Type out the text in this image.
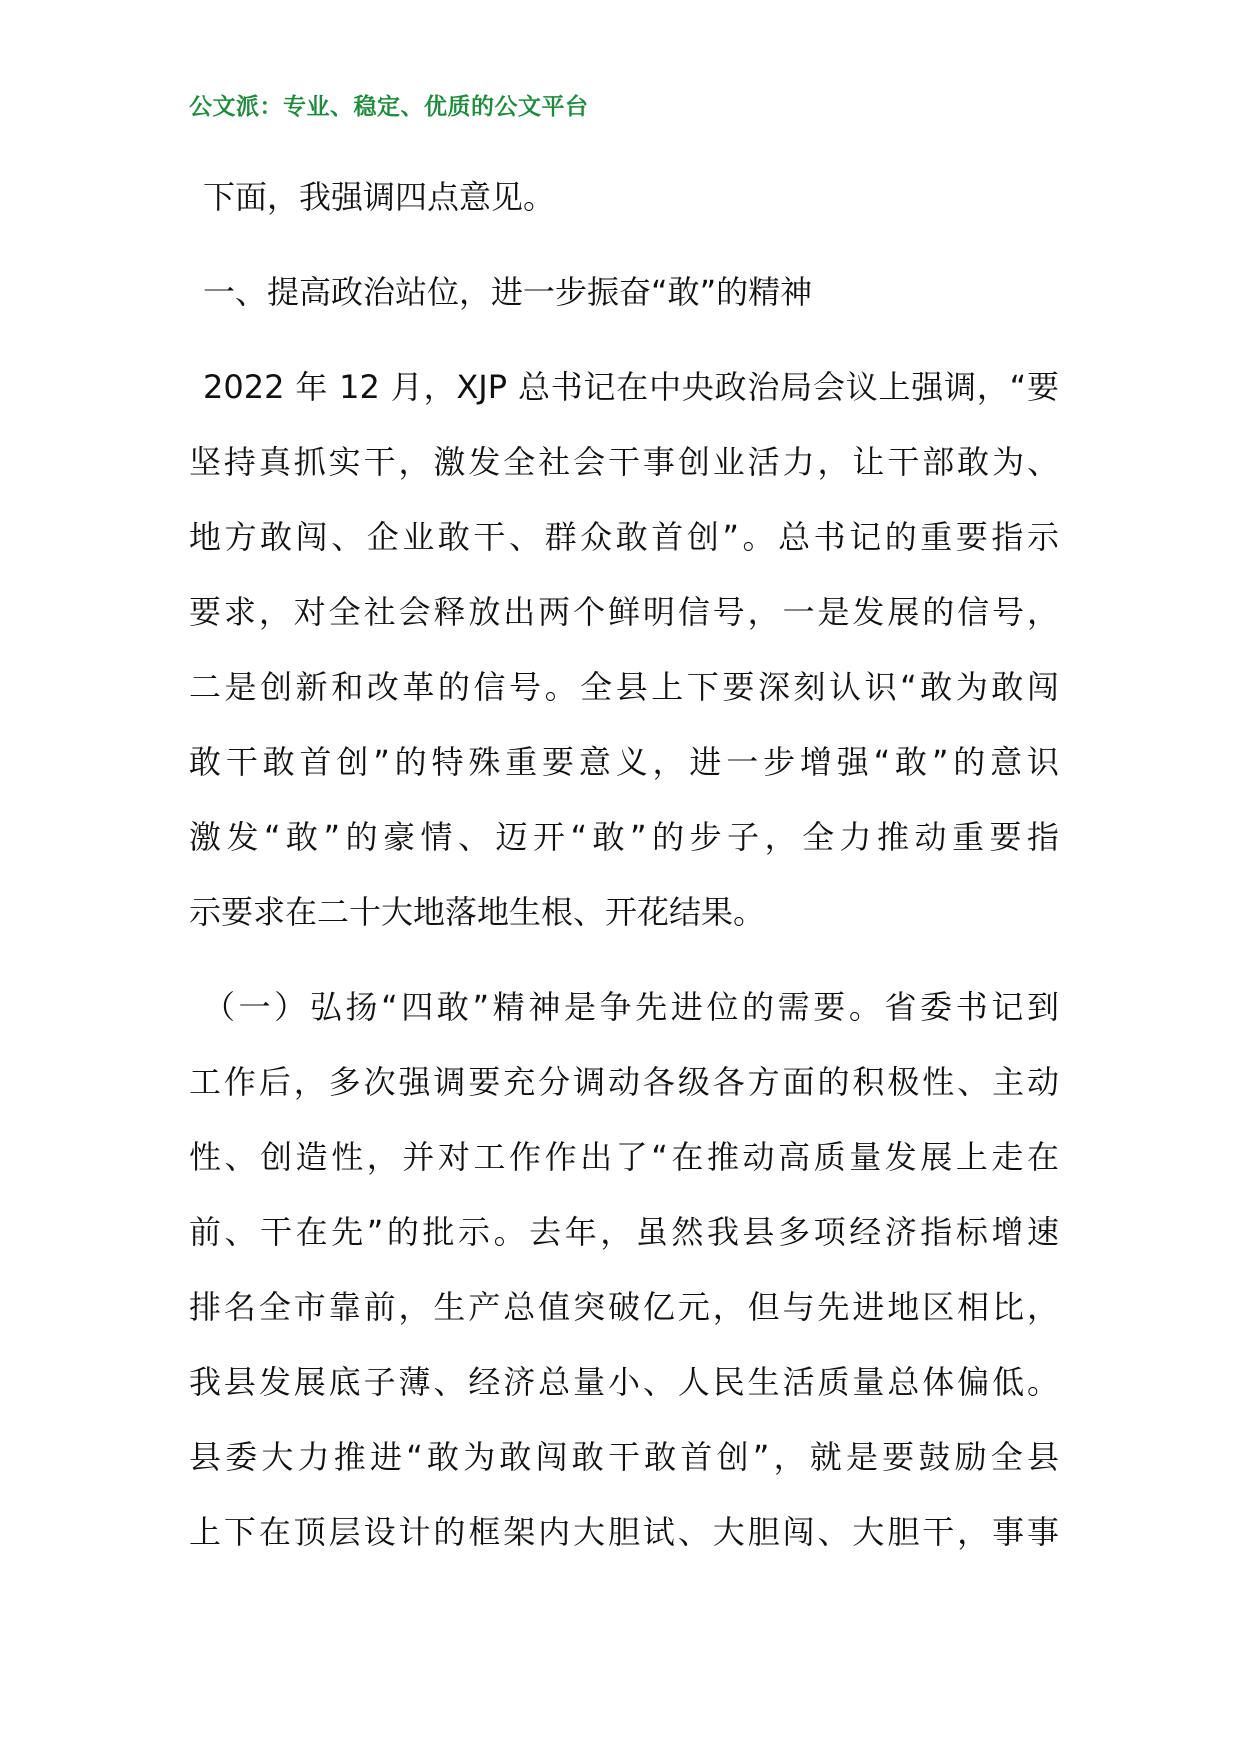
公文派：专业、稳定、优质的公文平台
下面，我强调四点意见。
一、提高政治站位，进一步振奋“敢”的精神
2022 年 12 月，XJP 总书记在中央政治局会议上强调，“要
坚持真抓实干，激发全社会干事创业活力，让干部敢为、
地方敢闯、企业敢干、群众敢首创”。总书记的重要指示
要求，对全社会释放出两个鲜明信号，一是发展的信号，
二是创新和改革的信号。全县上下要深刻认识“敢为敢闯
敢干敢首创”的特殊重要意义，进一步增强“敢”的意识
激发“敢”的豪情、迈开“敢”的步子，全力推动重要指
示要求在二十大地落地生根、开花结果。
（一）弘扬“四敢”精神是争先进位的需要。省委书记到
工作后，多次强调要充分调动各级各方面的积极性、主动
性、创造性，并对工作作出了“在推动高质量发展上走在
前、干在先”的批示。去年，虽然我县多项经济指标增速
排名全市靠前，生产总值突破亿元，但与先进地区相比，
我县发展底子薄、经济总量小、人民生活质量总体偏低。
县委大力推进“敢为敢闯敢干敢首创”，就是要鼓励全县
上下在顶层设计的框架内大胆试、大胆闯、大胆干，事事
